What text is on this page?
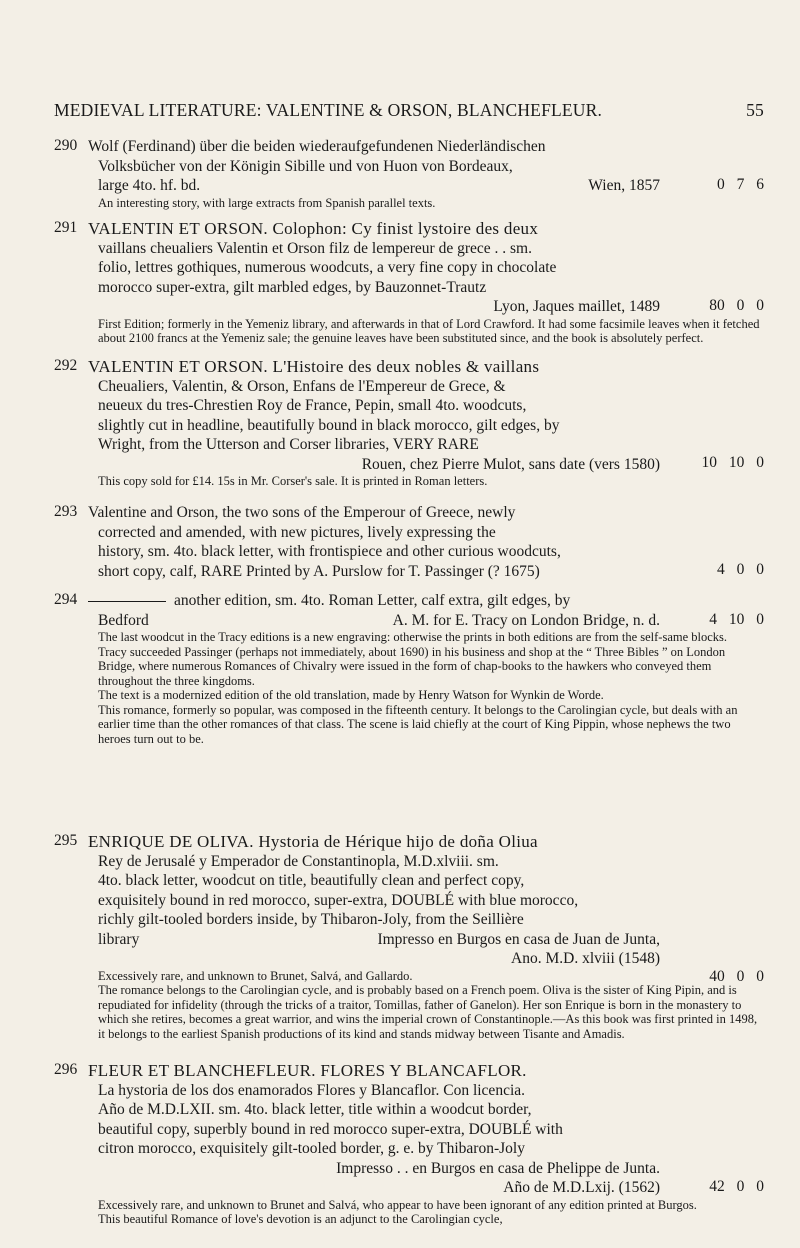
MEDIEVAL LITERATURE: VALENTINE & ORSON, BLANCHEFLEUR.	55
290 Wolf (Ferdinand) über die beiden wiederaufgefundenen Niederländischen
Volksbücher von der Königin Sibille und von Huon von Bordeaux,
large 4to. hf. bd.	Wien, 1857	0 7 6

An interesting story, with large extracts from Spanish parallel texts.

291 VALENTIN ET ORSON. Colophon: Cy finist lystoire des deux
vaillans cheualiers Valentin et Orson filz de lempereur de grece . . sm.
folio, lettres gothiques, numerous woodcuts, a very fine copy in chocolate
morocco super-extra, gilt marbled edges, by Bauzonnet-Trautz
Lyon, Jaques maillet, 1489	80 0 0

First Edition; formerly in the Yemeniz library, and afterwards in that of Lord Crawford. It had some facsimile leaves when it fetched about 2100 francs at the Yemeniz sale; the genuine leaves have been substituted since, and the book is absolutely perfect.

292 VALENTIN ET ORSON. L'Histoire des deux nobles & vaillans
Cheualiers, Valentin, & Orson, Enfans de l'Empereur de Grece, &
neueux du tres-Chrestien Roy de France, Pepin, small 4to. woodcuts,
slightly cut in headline, beautifully bound in black morocco, gilt edges, by
Wright, from the Utterson and Corser libraries, VERY RARE
Rouen, chez Pierre Mulot, sans date (vers 1580)	10 10 0

This copy sold for £14. 15s in Mr. Corser's sale. It is printed in Roman letters.

293 Valentine and Orson, the two sons of the Emperour of Greece, newly
corrected and amended, with new pictures, lively expressing the
history, sm. 4to. black letter, with frontispiece and other curious woodcuts,
short copy, calf, RARE Printed by A. Purslow for T. Passinger (? 1675)	4 0 0
294	another edition, sm. 4to. Roman Letter, calf extra, gilt edges, by
Bedford	A. M. for E. Tracy on London Bridge, n. d.	4 10 0

The last woodcut in the Tracy editions is a new engraving: otherwise the prints in both editions are from the self-same blocks.

Tracy succeeded Passinger (perhaps not immediately, about 1690) in his business and shop at the “ Three Bibles ” on London Bridge, where numerous Romances of Chivalry were issued in the form of chap-books to the hawkers who conveyed them throughout the three kingdoms.

The text is a modernized edition of the old translation, made by Henry Watson for Wynkin de Worde.

This romance, formerly so popular, was composed in the fifteenth century. It belongs to the Carolingian cycle, but deals with an earlier time than the other romances of that class. The scene is laid chiefly at the court of King Pippin, whose nephews the two heroes turn out to be.

295 ENRIQUE DE OLIVA. Hystoria de Hérique hijo de doña Oliua
Rey de Jerusalé y Emperador de Constantinopla, M.D.xlviii. sm.
4to. black letter, woodcut on title, beautifully clean and perfect copy,
exquisitely bound in red morocco, super-extra, DOUBLÉ with blue morocco,
richly gilt-tooled borders inside, by Thibaron-Joly, from the Seillière
library	Impresso en Burgos en casa de Juan de Junta,
Ano. M.D. xlviii (1548)
40 0 0

Excessively rare, and unknown to Brunet, Salvá, and Gallardo.

The romance belongs to the Carolingian cycle, and is probably based on a French poem. Oliva is the sister of King Pipin, and is repudiated for infidelity (through the tricks of a traitor, Tomillas, father of Ganelon). Her son Enrique is born in the monastery to which she retires, becomes a great warrior, and wins the imperial crown of Constantinople.—As this book was first printed in 1498, it belongs to the earliest Spanish productions of its kind and stands midway between Tisante and Amadis.

296 FLEUR ET BLANCHEFLEUR. FLORES Y BLANCAFLOR.
La hystoria de los dos enamorados Flores y Blancaflor. Con licencia.
Año de M.D.LXII. sm. 4to. black letter, title within a woodcut border,
beautiful copy, superbly bound in red morocco super-extra, DOUBLÉ with
citron morocco, exquisitely gilt-tooled border, g. e. by Thibaron-Joly
Impresso . . en Burgos en casa de Phelippe de Junta.
Año de M.D.Lxij. (1562)	42 0 0

Excessively rare, and unknown to Brunet and Salvá, who appear to have been ignorant of any edition printed at Burgos.

This beautiful Romance of love's devotion is an adjunct to the Carolingian cycle,
